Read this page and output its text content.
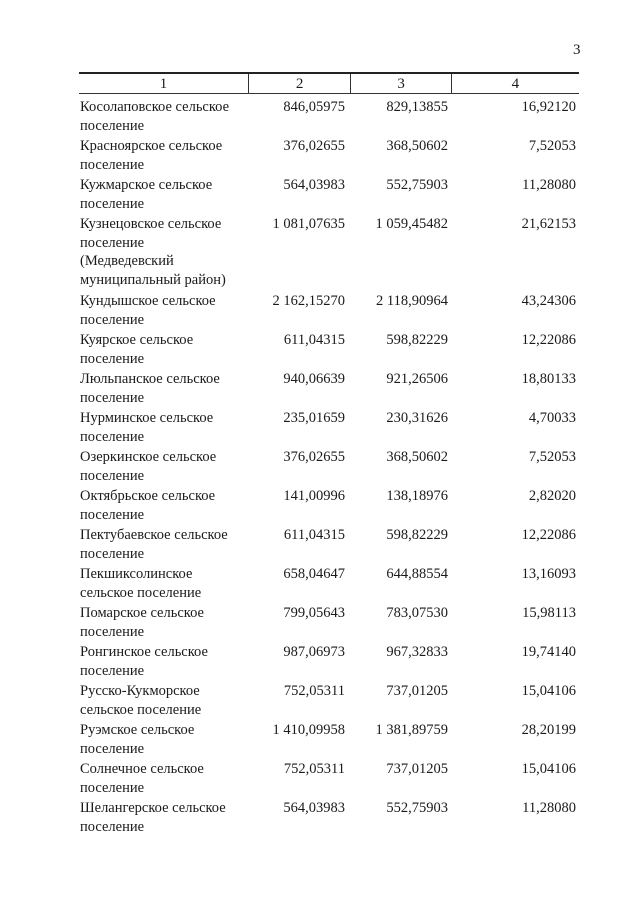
3
1	2	3	4
Косолаповское сельское
поселение
846,05975	829,13855	16,92120
Красноярское сельское
поселение
376,02655	368,50602	7,52053
Кужмарское сельское
поселение
564,03983	552,75903	11,28080
Кузнецовское сельское
поселение
(Медведевский
муниципальный район)
1 081,07635	1 059,45482	21,62153
Кундышское сельское
поселение
2 162,15270	2 118,90964	43,24306
Куярское сельское
поселение
611,04315	598,82229	12,22086
Люльпанское сельское
поселение
940,06639	921,26506	18,80133
Нурминское сельское
поселение
235,01659	230,31626	4,70033
Озеркинское сельское
поселение
376,02655	368,50602	7,52053
Октябрьское сельское
поселение
141,00996	138,18976	2,82020
Пектубаевское сельское
поселение
611,04315	598,82229	12,22086
Пекшиксолинское
сельское поселение
658,04647	644,88554	13,16093
Помарское сельское
поселение
799,05643	783,07530	15,98113
Ронгинское сельское
поселение
987,06973	967,32833	19,74140
Русско-Кукморское
сельское поселение
752,05311	737,01205	15,04106
Руэмское сельское
поселение
1 410,09958	1 381,89759	28,20199
Солнечное сельское
поселение
752,05311	737,01205	15,04106
Шелангерское сельское
поселение
564,03983	552,75903	11,28080
